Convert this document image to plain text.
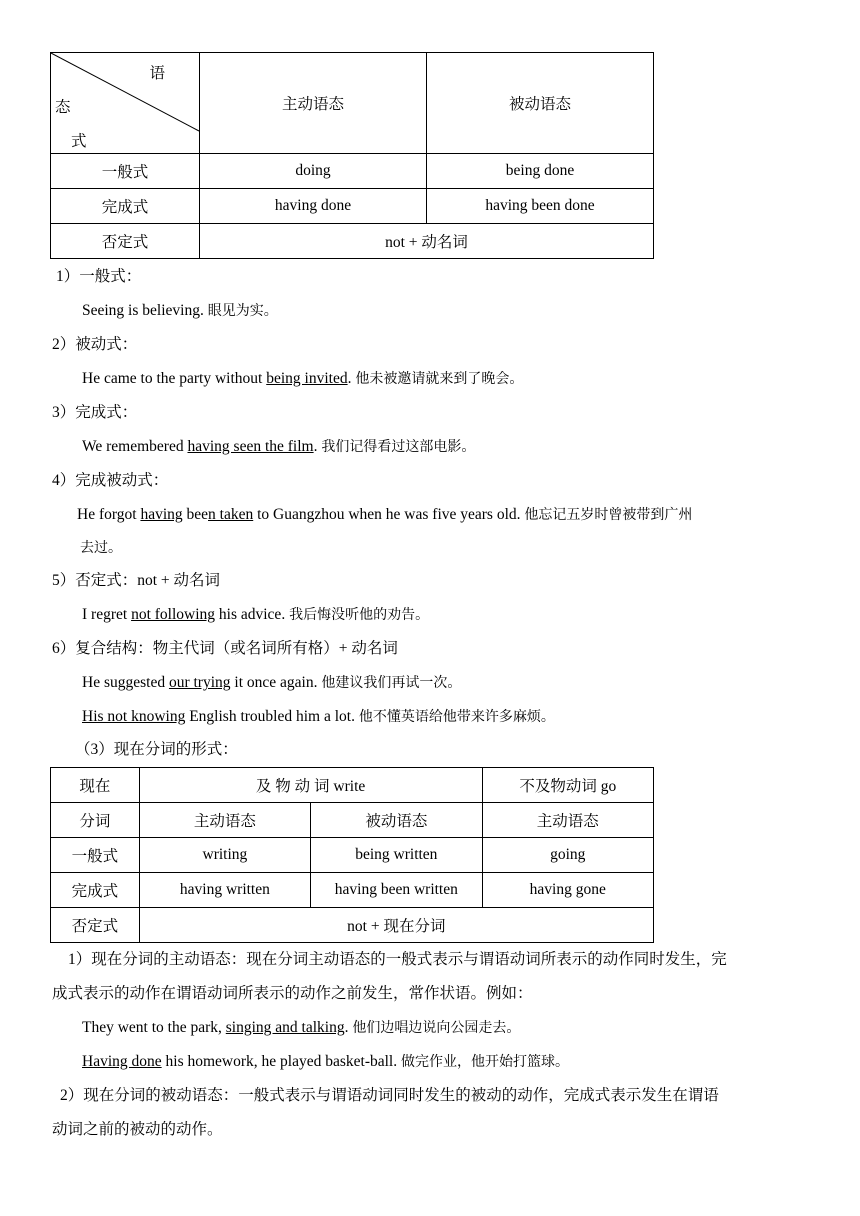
语
态
式	主动语态	被动语态
一般式	doing	being done
完成式	having done	having been done
否定式	not + 动名词	
1）一般式：
Seeing is believing. 眼见为实。
2）被动式：
He came to the party without being invited. 他未被邀请就来到了晚会。
3）完成式：
We remembered having seen the film. 我们记得看过这部电影。
4）完成被动式：
He forgot having been taken to Guangzhou when he was five years old. 他忘记五岁时曾被带到广州
去过。
5）否定式：not + 动名词
I regret not following his advice. 我后悔没听他的劝告。
6）复合结构：物主代词（或名词所有格）+ 动名词
He suggested our trying it once again. 他建议我们再试一次。
His not knowing English troubled him a lot. 他不懂英语给他带来许多麻烦。
（3）现在分词的形式：
现在	及 物 动 词 write		不及物动词 go
分词	主动语态	被动语态	主动语态
一般式	writing	being written	going
完成式	having written	having been written	having gone
否定式	not + 现在分词		
1）现在分词的主动语态：现在分词主动语态的一般式表示与谓语动词所表示的动作同时发生，完
成式表示的动作在谓语动词所表示的动作之前发生，常作状语。例如：
They went to the park, singing and talking. 他们边唱边说向公园走去。
Having done his homework, he played basket-ball. 做完作业，他开始打篮球。
2）现在分词的被动语态：一般式表示与谓语动词同时发生的被动的动作，完成式表示发生在谓语
动词之前的被动的动作。
